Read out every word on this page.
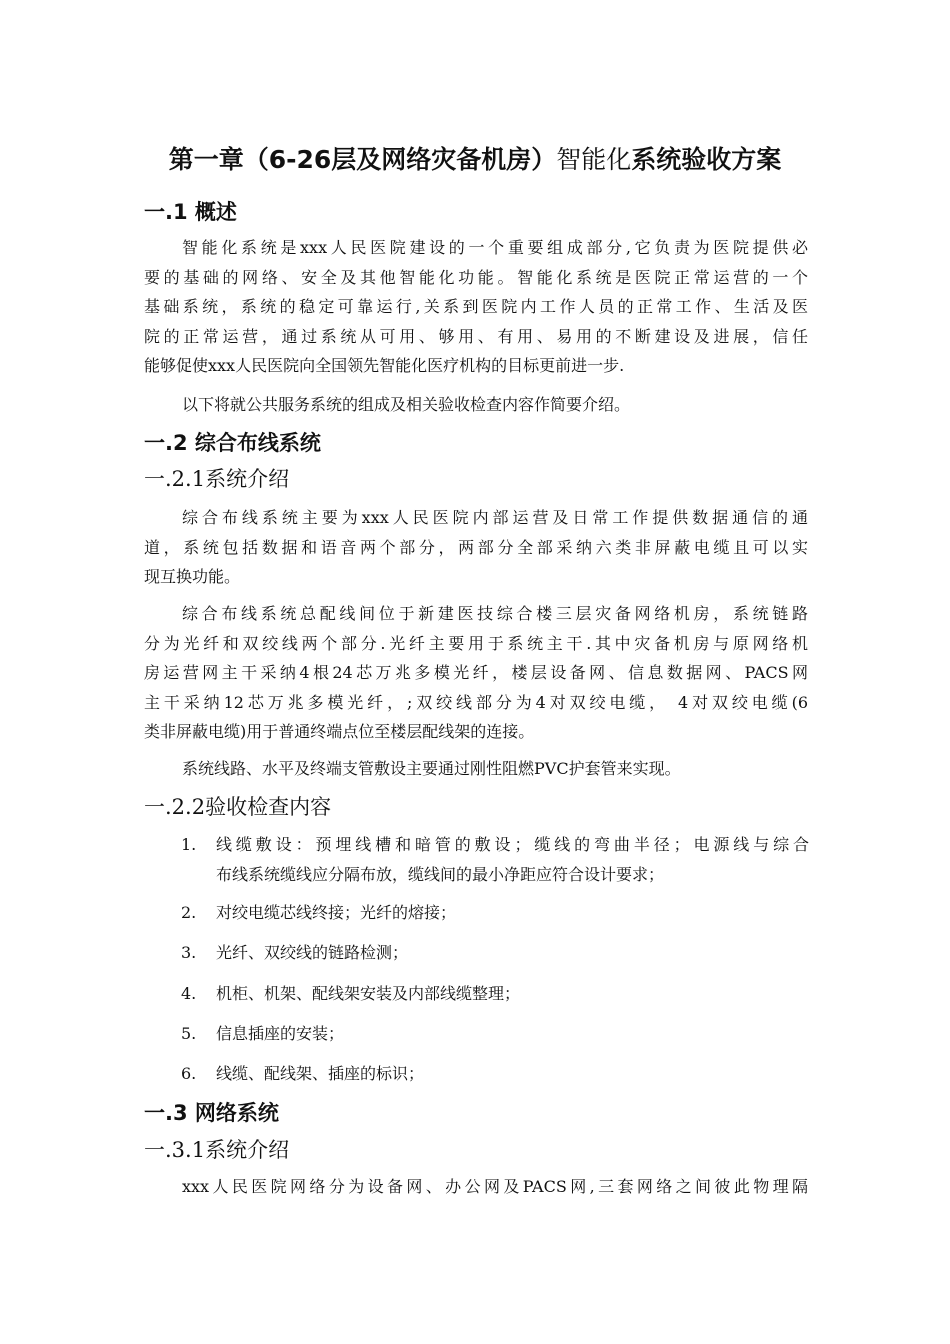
第一章（6-26层及网络灾备机房）智能化系统验收方案
一.1 概述
智能化系统是xxx人民医院建设的一个重要组成部分,它负责为医院提供必
要的基础的网络、安全及其他智能化功能。智能化系统是医院正常运营的一个
基础系统，系统的稳定可靠运行,关系到医院内工作人员的正常工作、生活及医
院的正常运营，通过系统从可用、够用、有用、易用的不断建设及进展，信任
能够促使xxx人民医院向全国领先智能化医疗机构的目标更前进一步.
以下将就公共服务系统的组成及相关验收检查内容作简要介绍。
一.2 综合布线系统
一.2.1系统介绍
综合布线系统主要为xxx人民医院内部运营及日常工作提供数据通信的通
道，系统包括数据和语音两个部分，两部分全部采纳六类非屏蔽电缆且可以实
现互换功能。
综合布线系统总配线间位于新建医技综合楼三层灾备网络机房，系统链路
分为光纤和双绞线两个部分.光纤主要用于系统主干.其中灾备机房与原网络机
房运营网主干采纳4根24芯万兆多模光纤，楼层设备网、信息数据网、PACS网
主干采纳12芯万兆多模光纤，;双绞线部分为4对双绞电缆， 4对双绞电缆(6
类非屏蔽电缆)用于普通终端点位至楼层配线架的连接。
系统线路、水平及终端支管敷设主要通过刚性阻燃PVC护套管来实现。
一.2.2验收检查内容
1.	线缆敷设：预埋线槽和暗管的敷设；缆线的弯曲半径；电源线与综合
布线系统缆线应分隔布放，缆线间的最小净距应符合设计要求；
2.	对绞电缆芯线终接；光纤的熔接；
3.	光纤、双绞线的链路检测；
4.	机柜、机架、配线架安装及内部线缆整理；
5.	信息插座的安装；
6.	线缆、配线架、插座的标识；
一.3 网络系统
一.3.1系统介绍
xxx人民医院网络分为设备网、办公网及PACS网,三套网络之间彼此物理隔
